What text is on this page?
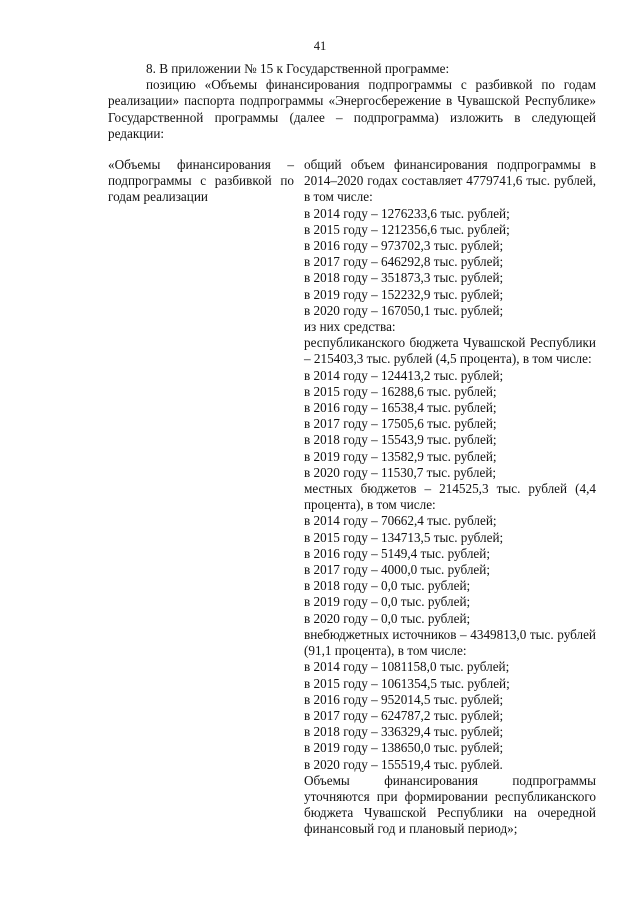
41

8. В приложении № 15 к Государственной программе:

позицию «Объемы финансирования подпрограммы с разбивкой по годам реализации» паспорта подпрограммы «Энергосбережение в Чувашской Республике» Государственной программы (далее – подпрограмма) изложить в следующей редакции:

«Объемы финансирования – подпрограммы с разбивкой по годам реализации
общий объем финансирования подпрограммы в 2014–2020 годах составляет 4779741,6 тыс. рублей, в том числе:
в 2014 году – 1276233,6 тыс. рублей;
в 2015 году – 1212356,6 тыс. рублей;
в 2016 году – 973702,3 тыс. рублей;
в 2017 году – 646292,8 тыс. рублей;
в 2018 году – 351873,3 тыс. рублей;
в 2019 году – 152232,9 тыс. рублей;
в 2020 году – 167050,1 тыс. рублей;
из них средства:
республиканского бюджета Чувашской Республики – 215403,3 тыс. рублей (4,5 процента), в том числе:
в 2014 году – 124413,2 тыс. рублей;
в 2015 году – 16288,6 тыс. рублей;
в 2016 году – 16538,4 тыс. рублей;
в 2017 году – 17505,6 тыс. рублей;
в 2018 году – 15543,9 тыс. рублей;
в 2019 году – 13582,9 тыс. рублей;
в 2020 году – 11530,7 тыс. рублей;
местных бюджетов – 214525,3 тыс. рублей (4,4 процента), в том числе:
в 2014 году – 70662,4 тыс. рублей;
в 2015 году – 134713,5 тыс. рублей;
в 2016 году – 5149,4 тыс. рублей;
в 2017 году – 4000,0 тыс. рублей;
в 2018 году – 0,0 тыс. рублей;
в 2019 году – 0,0 тыс. рублей;
в 2020 году – 0,0 тыс. рублей;
внебюджетных источников – 4349813,0 тыс. рублей (91,1 процента), в том числе:
в 2014 году – 1081158,0 тыс. рублей;
в 2015 году – 1061354,5 тыс. рублей;
в 2016 году – 952014,5 тыс. рублей;
в 2017 году – 624787,2 тыс. рублей;
в 2018 году – 336329,4 тыс. рублей;
в 2019 году – 138650,0 тыс. рублей;
в 2020 году – 155519,4 тыс. рублей.
Объемы финансирования подпрограммы уточняются при формировании республиканского бюджета Чувашской Республики на очередной финансовый год и плановый период»;
